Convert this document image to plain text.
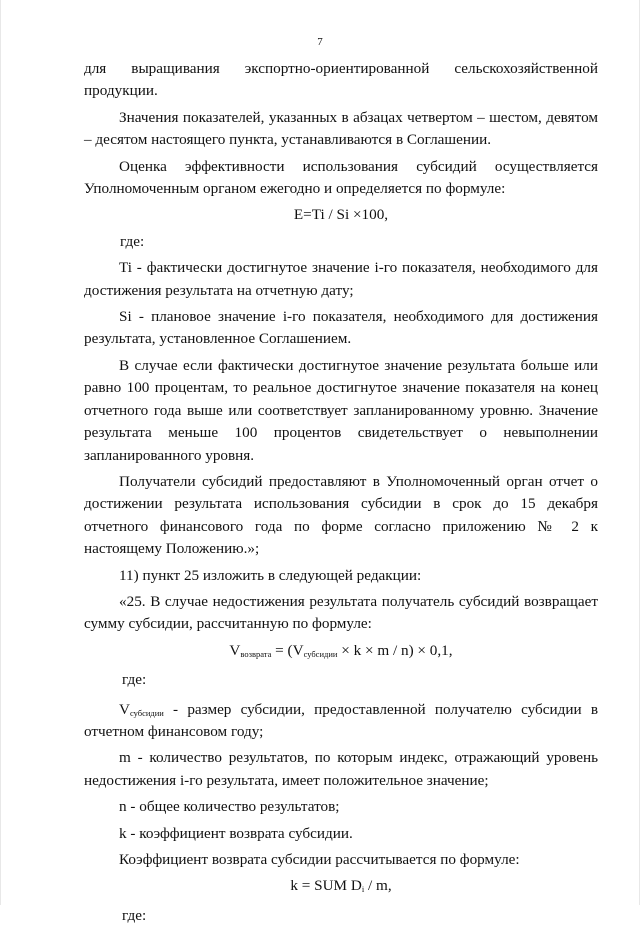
7

для выращивания экспортно-ориентированной сельскохозяйственной

продукции.

Значения показателей, указанных в абзацах четвертом – шестом, девятом – десятом настоящего пункта, устанавливаются в Соглашении.

Оценка эффективности использования субсидий осуществляется Уполномоченным органом ежегодно и определяется по формуле:

E=Ti / Si ×100,

где:

Ti - фактически достигнутое значение i-го показателя, необходимого для достижения результата на отчетную дату;

Si - плановое значение i-го показателя, необходимого для достижения результата, установленное Соглашением.

В случае если фактически достигнутое значение результата больше или равно 100 процентам, то реальное достигнутое значение показателя на конец отчетного года выше или соответствует запланированному уровню. Значение результата меньше 100 процентов свидетельствует о невыполнении запланированного уровня.

Получатели субсидий предоставляют в Уполномоченный орган отчет о достижении результата использования субсидии в срок до 15 декабря отчетного финансового года по форме согласно приложению № 2 к настоящему Положению.»;

11) пункт 25 изложить в следующей редакции:

«25. В случае недостижения результата получатель субсидий возвращает сумму субсидии, рассчитанную по формуле:

$V_{возврата} = (V_{субсидии} \times k \times m / n) \times 0,1$,

где:

$V_{субсидии}$ - размер субсидии, предоставленной получателю субсидии в отчетном финансовом году;

m - количество результатов, по которым индекс, отражающий уровень недостижения i-го результата, имеет положительное значение;

n - общее количество результатов;

k - коэффициент возврата субсидии.

Коэффициент возврата субсидии рассчитывается по формуле:

k = SUM $D_i$ / m,

где:
